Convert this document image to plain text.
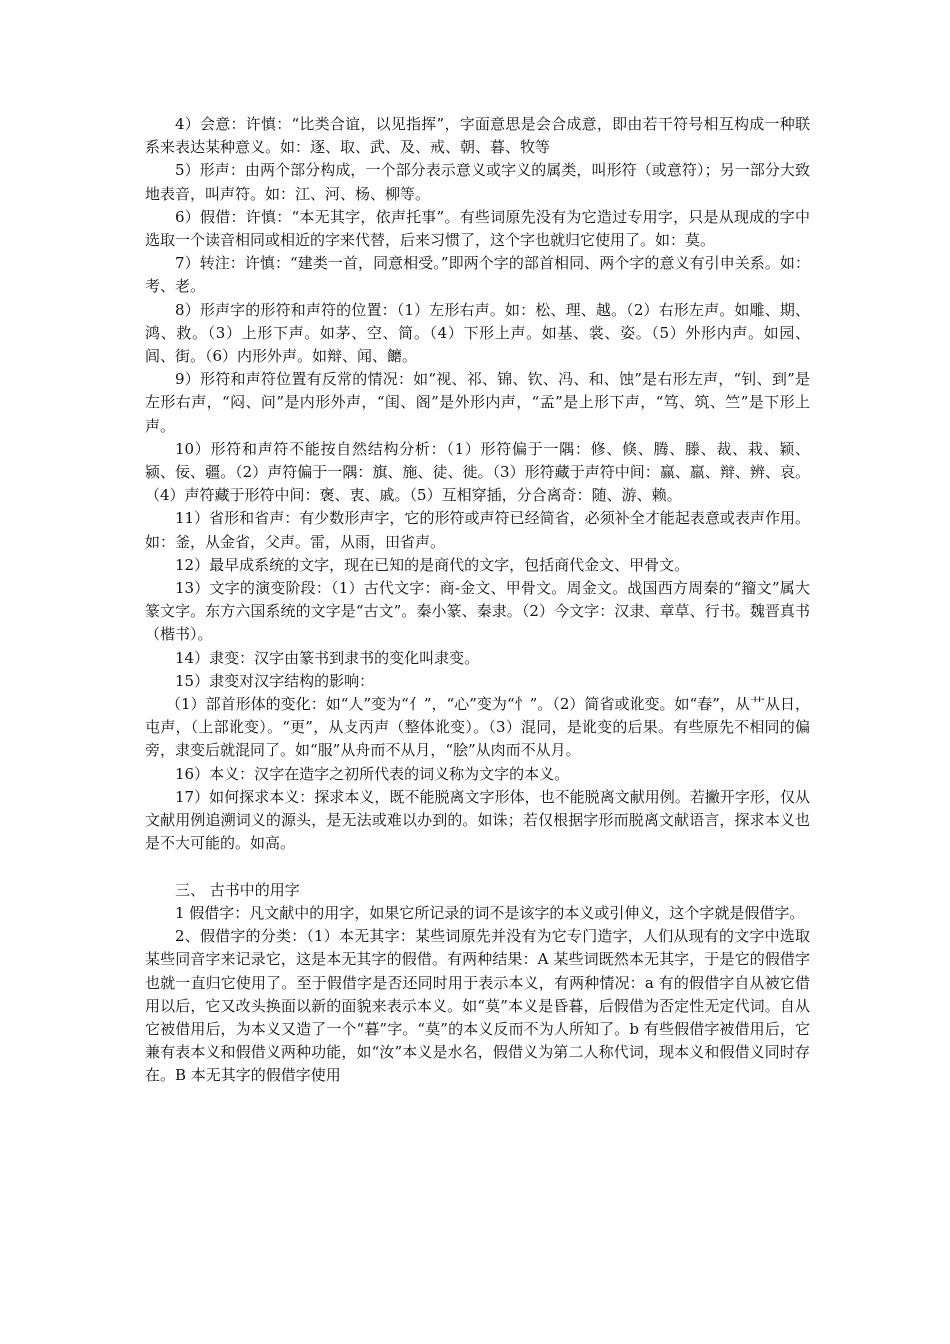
4）会意：许慎：“比类合谊，以见指挥”，字面意思是会合成意，即由若干符号相互构成一种联系来表达某种意义。如：逐、取、武、及、戒、朝、暮、牧等

5）形声：由两个部分构成，一个部分表示意义或字义的属类，叫形符（或意符）；另一部分大致地表音，叫声符。如：江、河、杨、柳等。

6）假借：许慎：“本无其字，依声托事”。有些词原先没有为它造过专用字，只是从现成的字中选取一个读音相同或相近的字来代替，后来习惯了，这个字也就归它使用了。如：莫。

7）转注：许慎：“建类一首，同意相受。”即两个字的部首相同、两个字的意义有引申关系。如：考、老。

8）形声字的形符和声符的位置：（1）左形右声。如：松、理、越。（2）右形左声。如雕、期、鸿、救。（3）上形下声。如茅、空、简。（4）下形上声。如基、裳、姿。（5）外形内声。如园、闾、街。（6）内形外声。如辩、闻、饝。

9）形符和声符位置有反常的情况：如“视、祁、锦、钦、冯、和、蚀”是右形左声，“钊、到”是左形右声，“闷、问”是内形外声，“闺、阁”是外形内声，“孟”是上形下声，“笃、筑、竺”是下形上声。

10）形符和声符不能按自然结构分析：（1）形符偏于一隅：修、倏、腾、滕、裁、栽、颖、颍、佞、疆。（2）声符偏于一隅：旗、施、徒、徙。（3）形符藏于声符中间：赢、羸、辩、辨、哀。（4）声符藏于形符中间：褒、衷、戚。（5）互相穿插，分合离奇：随、游、赖。

11）省形和省声：有少数形声字，它的形符或声符已经简省，必须补全才能起表意或表声作用。如：釜，从金省，父声。雷，从雨，田省声。

12）最早成系统的文字，现在已知的是商代的文字，包括商代金文、甲骨文。

13）文字的演变阶段：（1）古代文字：商-金文、甲骨文。周金文。战国西方周秦的“籀文”属大篆文字。东方六国系统的文字是“古文”。秦小篆、秦隶。（2）今文字：汉隶、章草、行书。魏晋真书（楷书）。

14）隶变：汉字由篆书到隶书的变化叫隶变。

15）隶变对汉字结构的影响：

（1）部首形体的变化：如“人”变为“亻”，“心”变为“忄”。（2）简省或讹变。如“春”，从艹从日，屯声，（上部讹变）。“更”，从攴丙声（整体讹变）。（3）混同，是讹变的后果。有些原先不相同的偏旁，隶变后就混同了。如“服”从舟而不从月，“脍”从肉而不从月。

16）本义：汉字在造字之初所代表的词义称为文字的本义。

17）如何探求本义：探求本义，既不能脱离文字形体，也不能脱离文献用例。若撇开字形，仅从文献用例追溯词义的源头，是无法或难以办到的。如诛；若仅根据字形而脱离文献语言，探求本义也是不大可能的。如高。

三、 古书中的用字

1 假借字：凡文献中的用字，如果它所记录的词不是该字的本义或引伸义，这个字就是假借字。

2、假借字的分类：（1）本无其字：某些词原先并没有为它专门造字，人们从现有的文字中选取某些同音字来记录它，这是本无其字的假借。有两种结果：A 某些词既然本无其字，于是它的假借字也就一直归它使用了。至于假借字是否还同时用于表示本义，有两种情况：a 有的假借字自从被它借用以后，它又改头换面以新的面貌来表示本义。如“莫”本义是昏暮，后假借为否定性无定代词。自从它被借用后，为本义又造了一个“暮”字。“莫”的本义反而不为人所知了。b 有些假借字被借用后，它兼有表本义和假借义两种功能，如“汝”本义是水名，假借义为第二人称代词，现本义和假借义同时存在。B 本无其字的假借字使用
